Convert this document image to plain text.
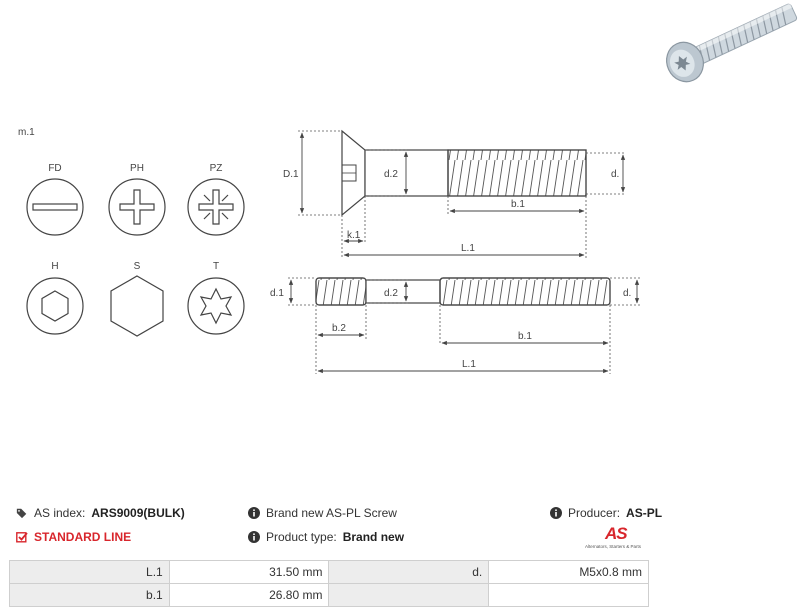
m.1
FD	PH	PZ
H	S	T
D.1	d.2	d.
b.1
k.1
L.1
d.1	d.2	d.
b.2
b.1
L.1
AS index: ARS9009(BULK)	Brand new AS-PL Screw	Producer: AS-PL
STANDARD LINE	Product type: Brand new	AS
Alternators, Starters & Parts
L.1	31.50 mm	d.	M5x0.8 mm
b.1	26.80 mm		
